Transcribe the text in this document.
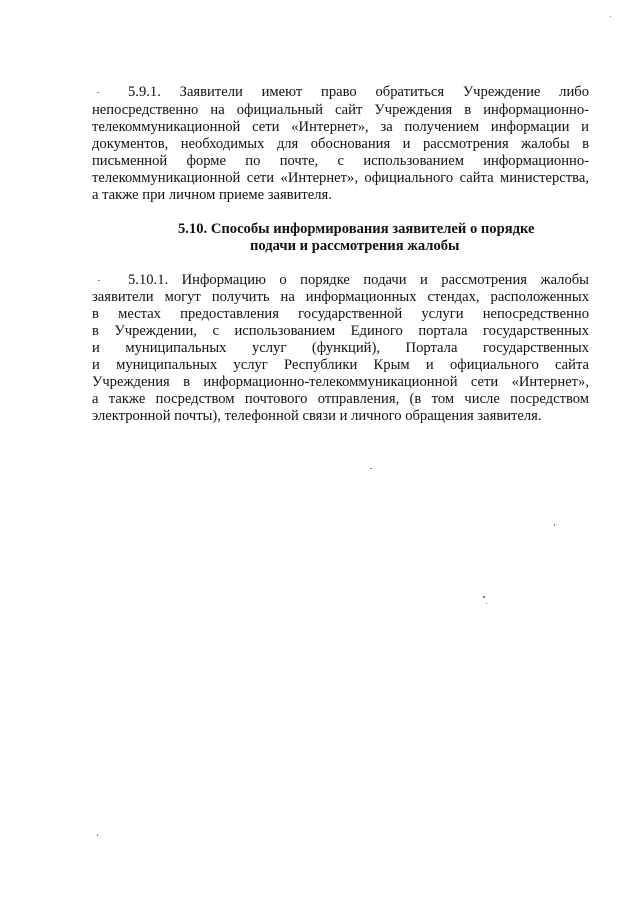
5.9.1. Заявители имеют право обратиться Учреждение либо
непосредственно на официальный сайт Учреждения в информационно-
телекоммуникационной сети «Интернет», за получением информации и
документов, необходимых для обоснования и рассмотрения жалобы в
письменной форме по почте, с использованием информационно-
телекоммуникационной сети «Интернет», официального сайта министерства,
а также при личном приеме заявителя.
5.10. Способы информирования заявителей о порядке
подачи и рассмотрения жалобы
5.10.1. Информацию о порядке подачи и рассмотрения жалобы
заявители могут получить на информационных стендах, расположенных
в местах предоставления государственной услуги непосредственно
в Учреждении, с использованием Единого портала государственных
и муниципальных услуг (функций), Портала государственных
и муниципальных услуг Республики Крым и официального сайта
Учреждения в информационно-телекоммуникационной сети «Интернет»,
а также посредством почтового отправления, (в том числе посредством
электронной почты), телефонной связи и личного обращения заявителя.
